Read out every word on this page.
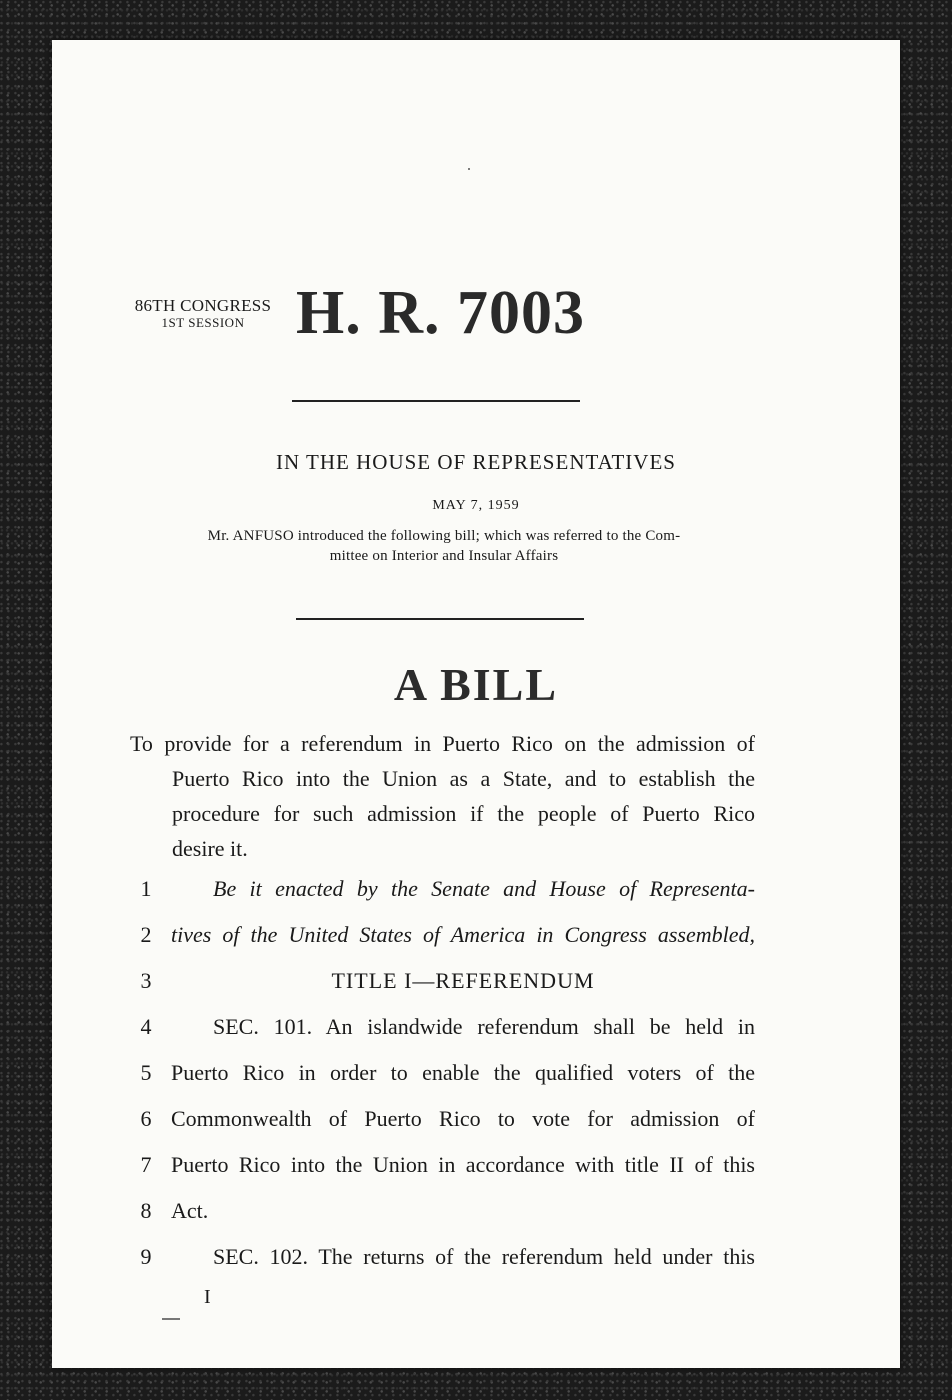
86TH CONGRESS
1ST SESSION H. R. 7003
IN THE HOUSE OF REPRESENTATIVES
MAY 7, 1959
Mr. ANFUSO introduced the following bill; which was referred to the Com-
mittee on Interior and Insular Affairs
A BILL
To provide for a referendum in Puerto Rico on the admission of
Puerto Rico into the Union as a State, and to establish the
procedure for such admission if the people of Puerto Rico
desire it.
1	Be it enacted by the Senate and House of Representa-
2 tives of the United States of America in Congress assembled,
3	TITLE I—REFERENDUM
4	SEC. 101. An islandwide referendum shall be held in
5 Puerto Rico in order to enable the qualified voters of the
6 Commonwealth of Puerto Rico to vote for admission of
7 Puerto Rico into the Union in accordance with title II of this
8 Act.
9	SEC. 102. The returns of the referendum held under this
I
